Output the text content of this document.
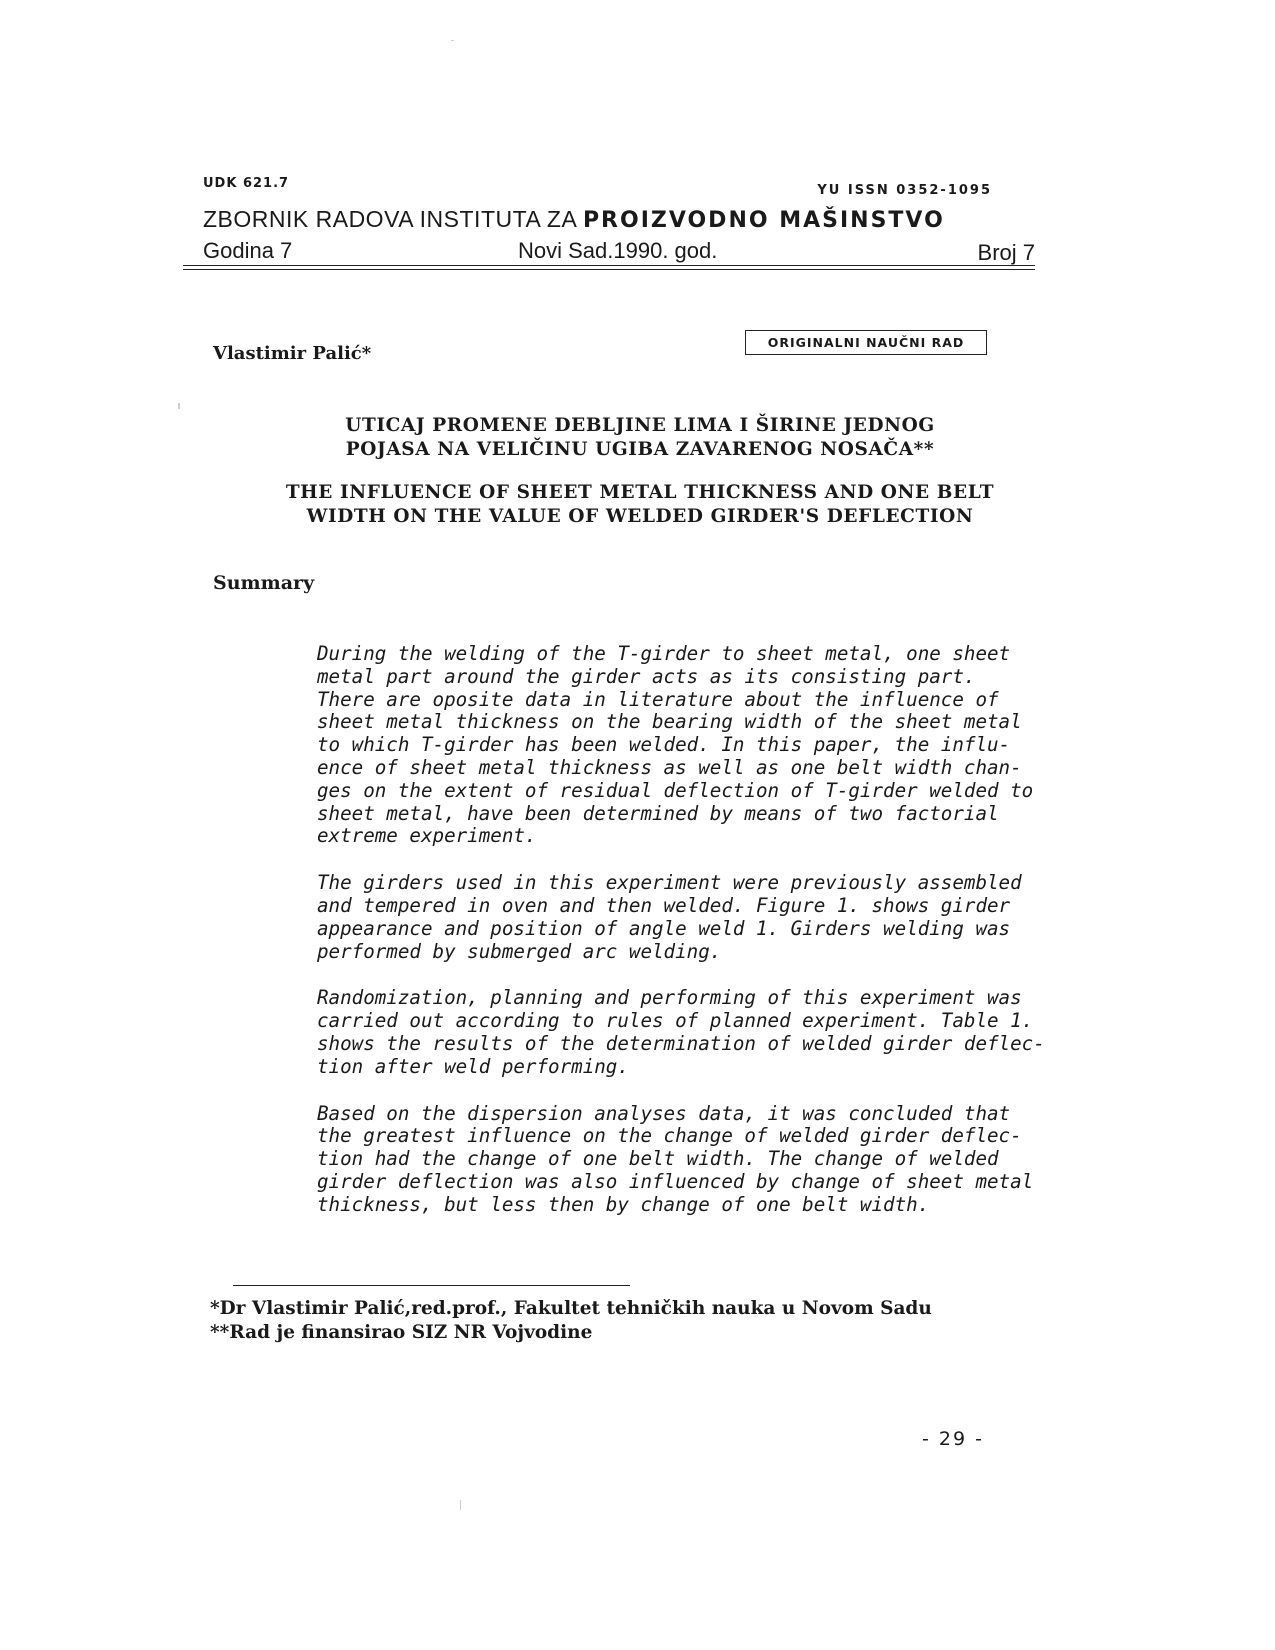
UDK 621.7	YU ISSN 0352-1095
ZBORNIK RADOVA INSTITUTA ZA PROIZVODNO MAŠINSTVO
Godina 7	Novi Sad.1990. god.	Broj 7
Vlastimir Palić*
ORIGINALNI NAUČNI RAD
UTICAJ PROMENE DEBLJINE LIMA I ŠIRINE JEDNOG
POJASA NA VELIČINU UGIBA ZAVARENOG NOSAČA**
THE INFLUENCE OF SHEET METAL THICKNESS AND ONE BELT
WIDTH ON THE VALUE OF WELDED GIRDER'S DEFLECTION
Summary

During the welding of the T-girder to sheet metal, one sheet
metal part around the girder acts as its consisting part.
There are oposite data in literature about the influence of
sheet metal thickness on the bearing width of the sheet metal
to which T-girder has been welded. In this paper, the influ-
ence of sheet metal thickness as well as one belt width chan-
ges on the extent of residual deflection of T-girder welded to
sheet metal, have been determined by means of two factorial
extreme experiment.

The girders used in this experiment were previously assembled
and tempered in oven and then welded. Figure 1. shows girder
appearance and position of angle weld 1. Girders welding was
performed by submerged arc welding.

Randomization, planning and performing of this experiment was
carried out according to rules of planned experiment. Table 1.
shows the results of the determination of welded girder deflec-
tion after weld performing.

Based on the dispersion analyses data, it was concluded that
the greatest influence on the change of welded girder deflec-
tion had the change of one belt width. The change of welded
girder deflection was also influenced by change of sheet metal
thickness, but less then by change of one belt width.

*Dr Vlastimir Palić,red.prof., Fakultet tehničkih nauka u Novom Sadu
**Rad je finansirao SIZ NR Vojvodine
- 29 -
